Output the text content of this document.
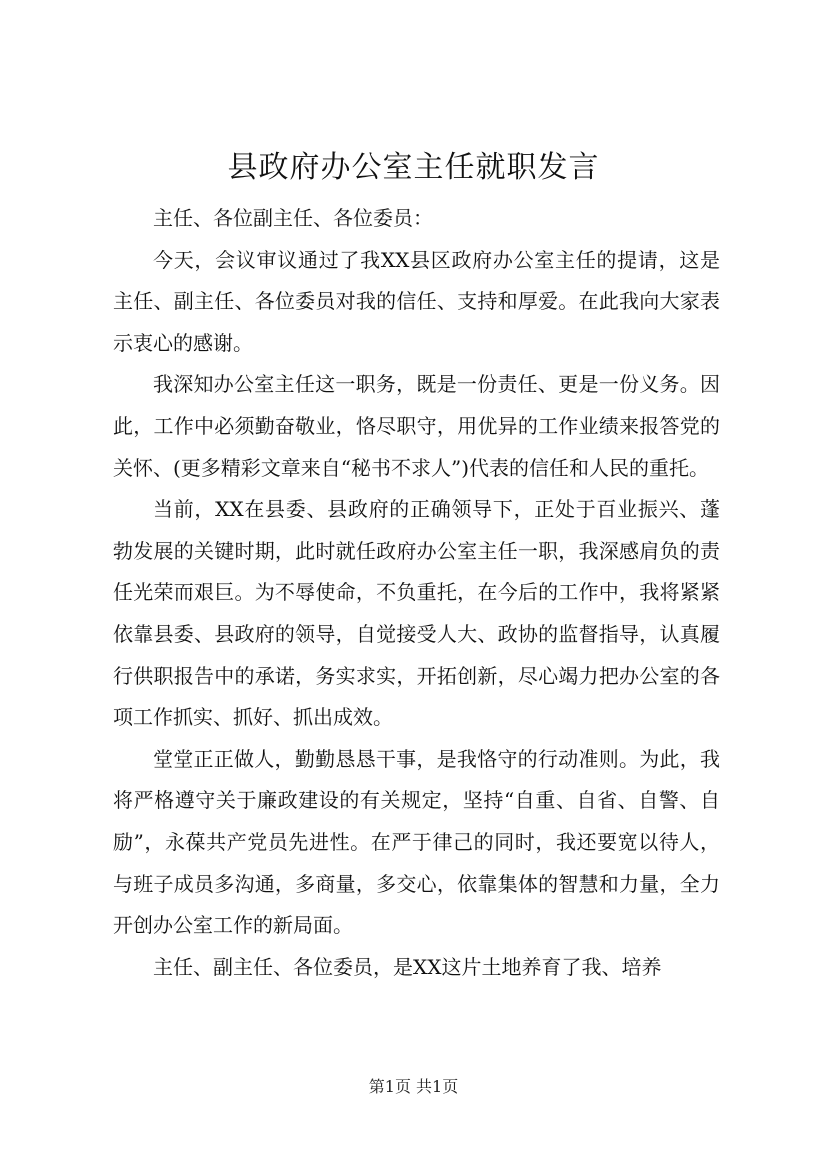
县政府办公室主任就职发言

主任、各位副主任、各位委员：

今天，会议审议通过了我XX县区政府办公室主任的提请，这是主任、副主任、各位委员对我的信任、支持和厚爱。在此我向大家表示衷心的感谢。

我深知办公室主任这一职务，既是一份责任、更是一份义务。因此，工作中必须勤奋敬业，恪尽职守，用优异的工作业绩来报答党的关怀、(更多精彩文章来自“秘书不求人”)代表的信任和人民的重托。

当前，XX在县委、县政府的正确领导下，正处于百业振兴、蓬勃发展的关键时期，此时就任政府办公室主任一职，我深感肩负的责任光荣而艰巨。为不辱使命，不负重托，在今后的工作中，我将紧紧依靠县委、县政府的领导，自觉接受人大、政协的监督指导，认真履行供职报告中的承诺，务实求实，开拓创新，尽心竭力把办公室的各项工作抓实、抓好、抓出成效。

堂堂正正做人，勤勤恳恳干事，是我恪守的行动准则。为此，我将严格遵守关于廉政建设的有关规定，坚持“自重、自省、自警、自励”，永葆共产党员先进性。在严于律己的同时，我还要宽以待人，与班子成员多沟通，多商量，多交心，依靠集体的智慧和力量，全力开创办公室工作的新局面。

主任、副主任、各位委员，是XX这片土地养育了我、培养

第1页 共1页
